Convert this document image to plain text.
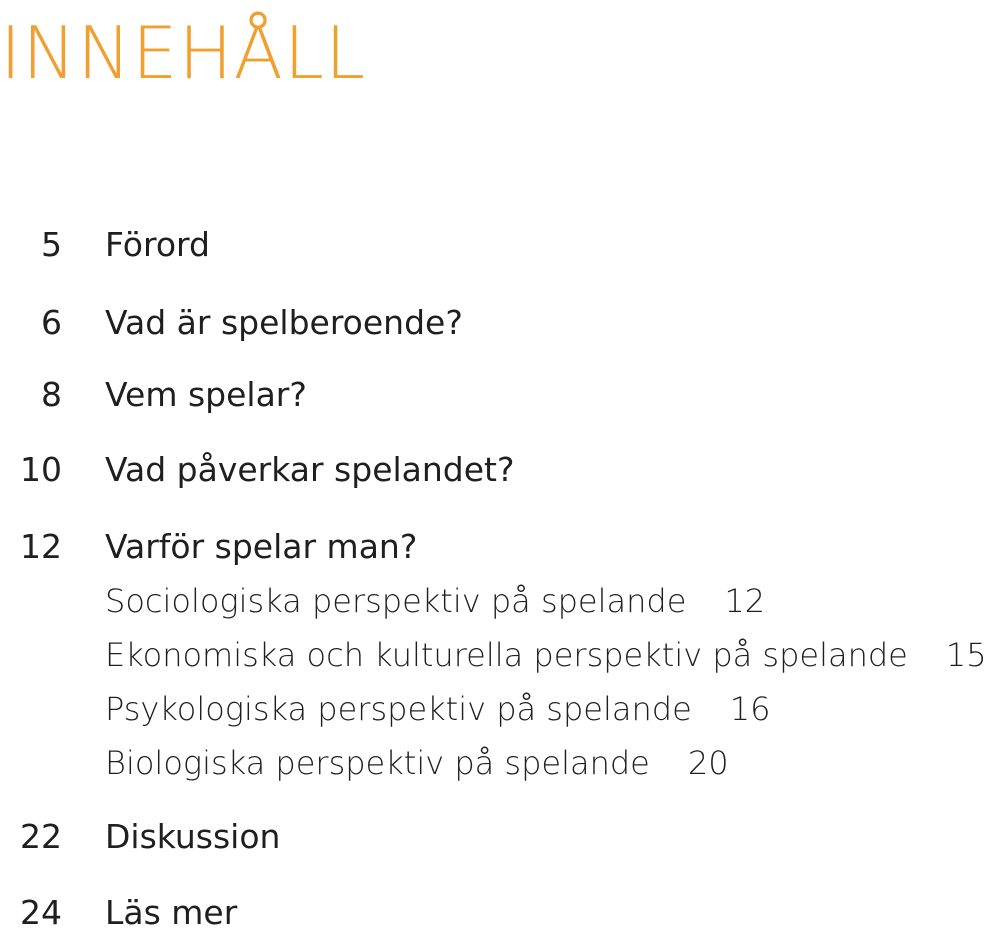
INNEHÅLL
5 Förord
6 Vad är spelberoende?
8 Vem spelar?
10 Vad påverkar spelandet?
12 Varför spelar man?
Sociologiska perspektiv på spelande 12
Ekonomiska och kulturella perspektiv på spelande 15
Psykologiska perspektiv på spelande 16
Biologiska perspektiv på spelande 20
22 Diskussion
24 Läs mer
